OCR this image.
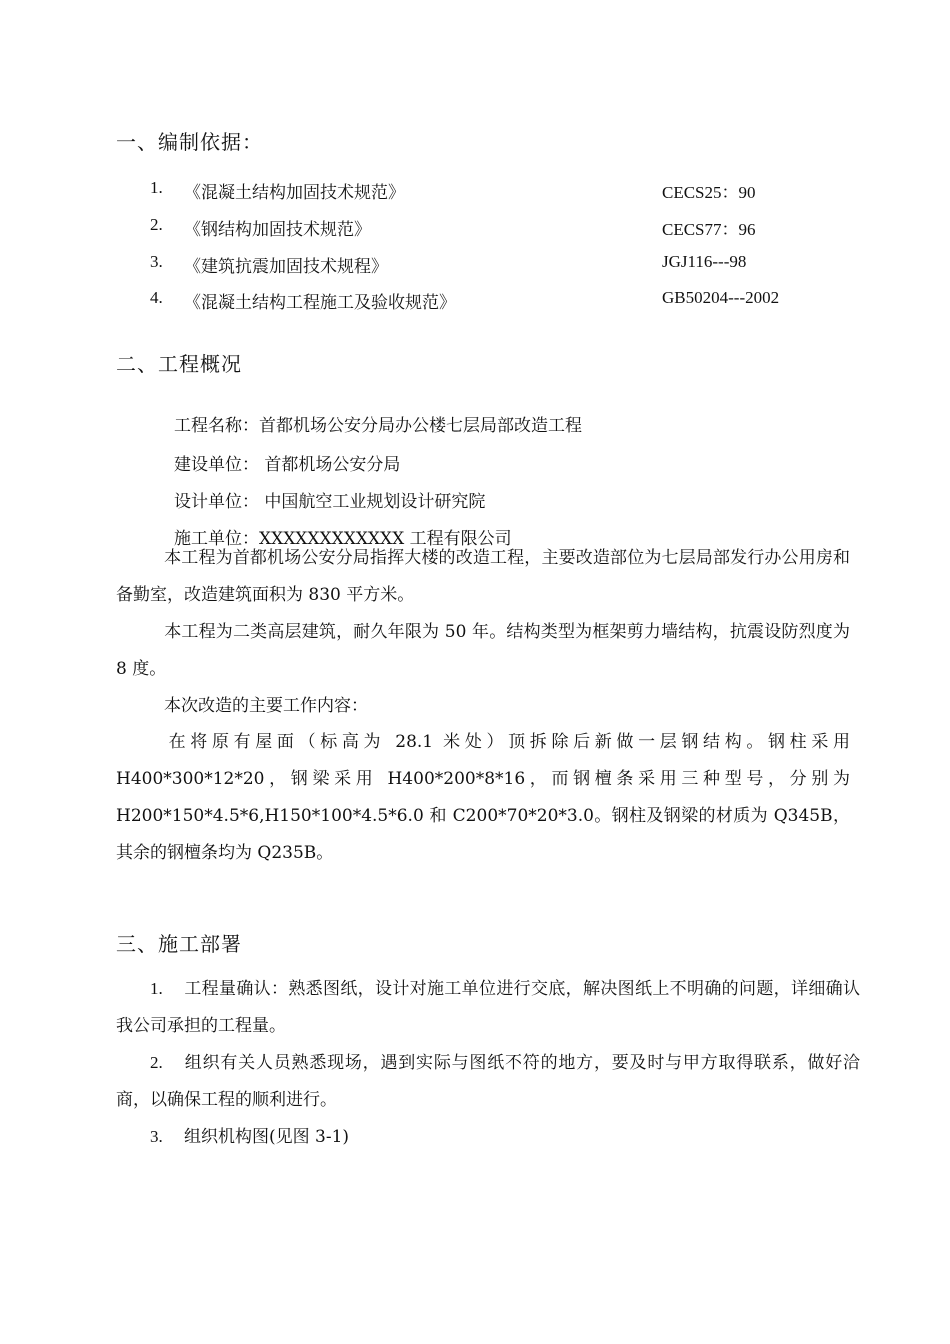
一、编制依据：
1. 《混凝土结构加固技术规范》	CECS25：90
2. 《钢结构加固技术规范》	CECS77：96
3. 《建筑抗震加固技术规程》	JGJ116---98
4. 《混凝土结构工程施工及验收规范》	GB50204---2002
二、工程概况
工程名称：首都机场公安分局办公楼七层局部改造工程
建设单位： 首都机场公安分局
设计单位： 中国航空工业规划设计研究院
施工单位：XXXXXXXXXXXX 工程有限公司
本工程为首都机场公安分局指挥大楼的改造工程，主要改造部位为七层局部发行办公用房和备勤室，改造建筑面积为 830 平方米。
本工程为二类高层建筑，耐久年限为 50 年。结构类型为框架剪力墙结构，抗震设防烈度为 8 度。
本次改造的主要工作内容：
在将原有屋面（标高为 28.1 米处）顶拆除后新做一层钢结构。钢柱采用 H400*300*12*20，钢梁采用 H400*200*8*16，而钢檀条采用三种型号，分别为 H200*150*4.5*6,H150*100*4.5*6.0 和 C200*70*20*3.0。钢柱及钢梁的材质为 Q345B，其余的钢檀条均为 Q235B。
三、施工部署
1. 工程量确认：熟悉图纸，设计对施工单位进行交底，解决图纸上不明确的问题，详细确认我公司承担的工程量。
2. 组织有关人员熟悉现场，遇到实际与图纸不符的地方，要及时与甲方取得联系，做好洽商，以确保工程的顺利进行。
3. 组织机构图(见图 3-1)
